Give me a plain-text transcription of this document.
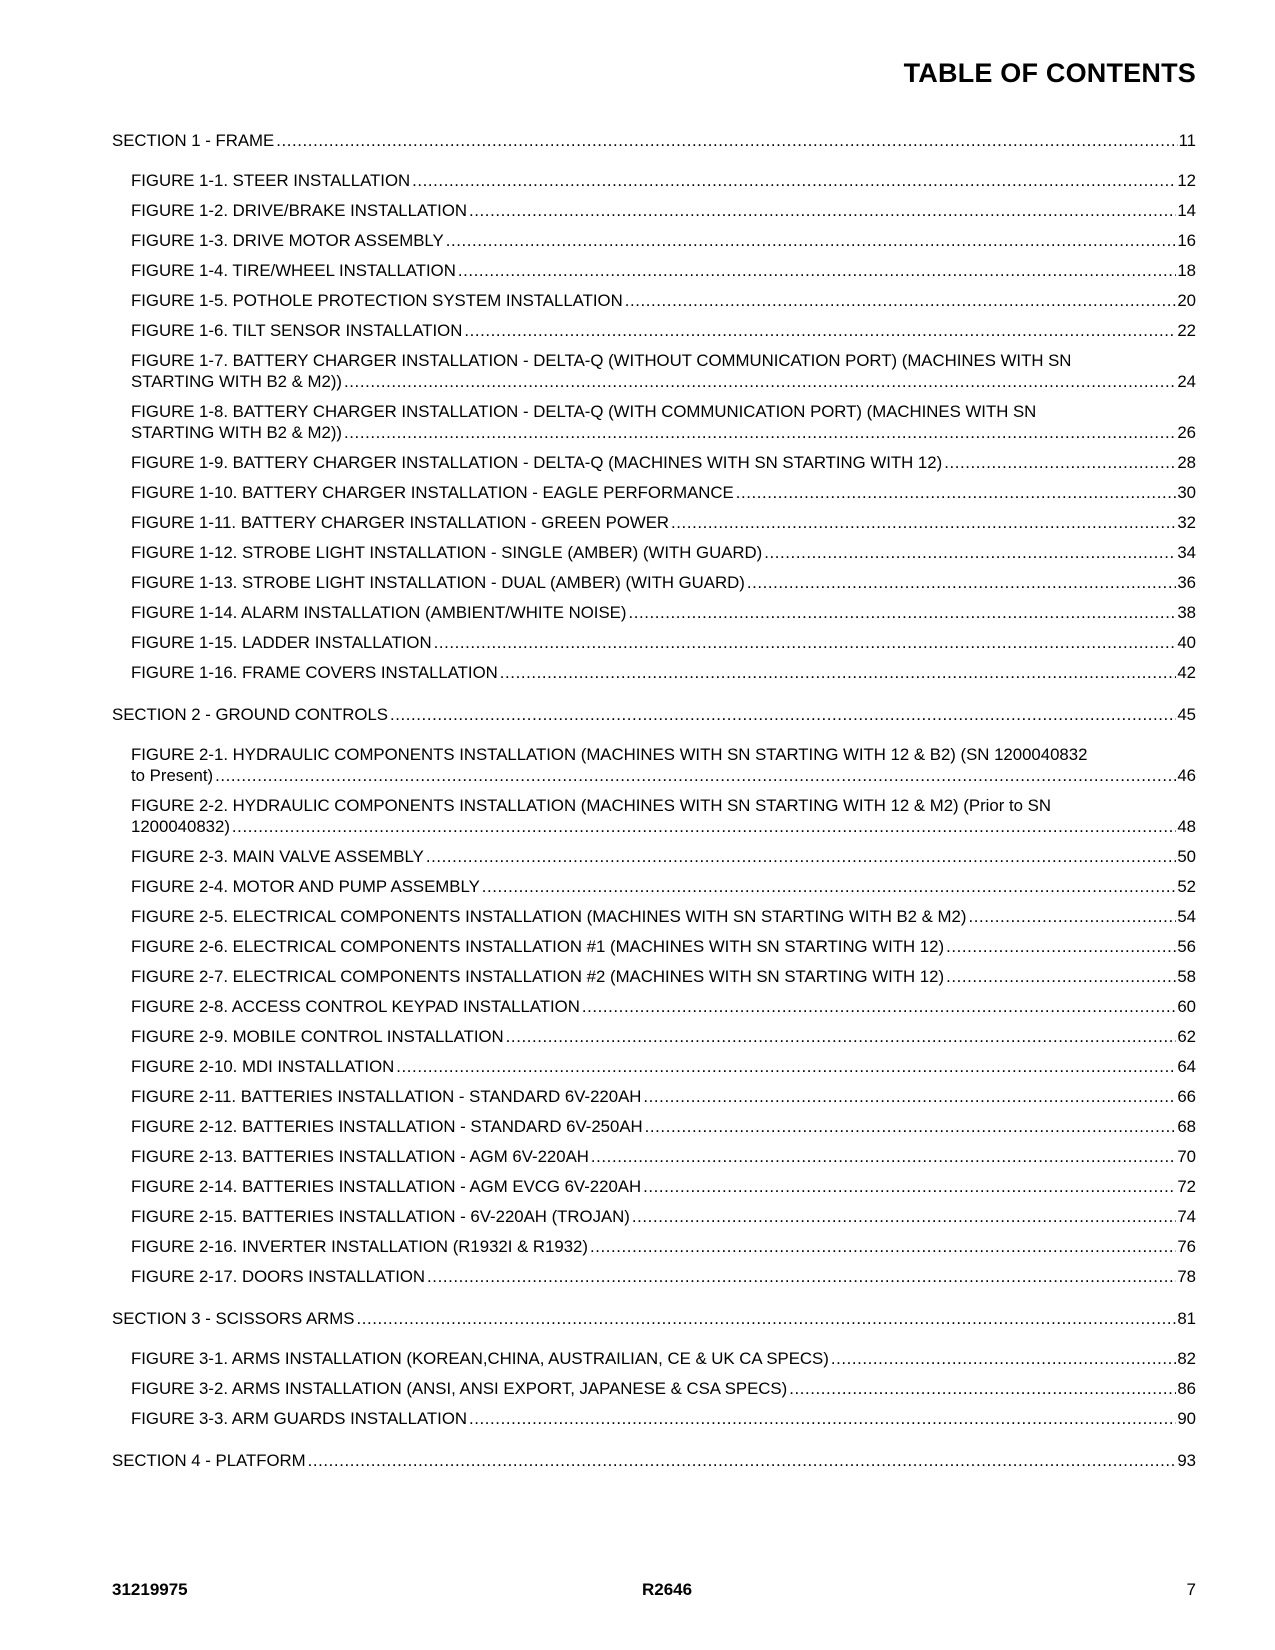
TABLE OF CONTENTS
SECTION 1 - FRAME .....	11
FIGURE 1-1. STEER INSTALLATION .....	12
FIGURE 1-2. DRIVE/BRAKE INSTALLATION .....	14
FIGURE 1-3. DRIVE MOTOR ASSEMBLY .....	16
FIGURE 1-4. TIRE/WHEEL INSTALLATION .....	18
FIGURE 1-5. POTHOLE PROTECTION SYSTEM INSTALLATION .....	20
FIGURE 1-6. TILT SENSOR INSTALLATION .....	22
FIGURE 1-7. BATTERY CHARGER INSTALLATION - DELTA-Q (WITHOUT COMMUNICATION PORT) (MACHINES WITH SN
STARTING WITH B2 & M2)) .....	24
FIGURE 1-8. BATTERY CHARGER INSTALLATION - DELTA-Q (WITH COMMUNICATION PORT) (MACHINES WITH SN
STARTING WITH B2 & M2)) .....	26
FIGURE 1-9. BATTERY CHARGER INSTALLATION - DELTA-Q (MACHINES WITH SN STARTING WITH 12) .....	28
FIGURE 1-10. BATTERY CHARGER INSTALLATION - EAGLE PERFORMANCE .....	30
FIGURE 1-11. BATTERY CHARGER INSTALLATION - GREEN POWER .....	32
FIGURE 1-12. STROBE LIGHT INSTALLATION - SINGLE (AMBER) (WITH GUARD) .....	34
FIGURE 1-13. STROBE LIGHT INSTALLATION - DUAL (AMBER) (WITH GUARD) .....	36
FIGURE 1-14. ALARM INSTALLATION (AMBIENT/WHITE NOISE) .....	38
FIGURE 1-15. LADDER INSTALLATION .....	40
FIGURE 1-16. FRAME COVERS INSTALLATION .....	42
SECTION 2 - GROUND CONTROLS .....	45
FIGURE 2-1. HYDRAULIC COMPONENTS INSTALLATION (MACHINES WITH SN STARTING WITH 12 & B2) (SN 1200040832
to Present) .....	46
FIGURE 2-2. HYDRAULIC COMPONENTS INSTALLATION (MACHINES WITH SN STARTING WITH 12 & M2) (Prior to SN
1200040832) .....	48
FIGURE 2-3. MAIN VALVE ASSEMBLY .....	50
FIGURE 2-4. MOTOR AND PUMP ASSEMBLY .....	52
FIGURE 2-5. ELECTRICAL COMPONENTS INSTALLATION (MACHINES WITH SN STARTING WITH B2 & M2) .....	54
FIGURE 2-6. ELECTRICAL COMPONENTS INSTALLATION #1 (MACHINES WITH SN STARTING WITH 12) .....	56
FIGURE 2-7. ELECTRICAL COMPONENTS INSTALLATION #2 (MACHINES WITH SN STARTING WITH 12) .....	58
FIGURE 2-8. ACCESS CONTROL KEYPAD INSTALLATION .....	60
FIGURE 2-9. MOBILE CONTROL INSTALLATION .....	62
FIGURE 2-10. MDI INSTALLATION .....	64
FIGURE 2-11. BATTERIES INSTALLATION - STANDARD 6V-220AH .....	66
FIGURE 2-12. BATTERIES INSTALLATION - STANDARD 6V-250AH .....	68
FIGURE 2-13. BATTERIES INSTALLATION - AGM 6V-220AH .....	70
FIGURE 2-14. BATTERIES INSTALLATION - AGM EVCG 6V-220AH .....	72
FIGURE 2-15. BATTERIES INSTALLATION - 6V-220AH (TROJAN) .....	74
FIGURE 2-16. INVERTER INSTALLATION (R1932I & R1932) .....	76
FIGURE 2-17. DOORS INSTALLATION .....	78
SECTION 3 - SCISSORS ARMS .....	81
FIGURE 3-1. ARMS INSTALLATION (KOREAN,CHINA, AUSTRAILIAN, CE & UK CA SPECS) .....	82
FIGURE 3-2. ARMS INSTALLATION (ANSI, ANSI EXPORT, JAPANESE & CSA SPECS) .....	86
FIGURE 3-3. ARM GUARDS INSTALLATION .....	90
SECTION 4 - PLATFORM .....	93
31219975	R2646	7
